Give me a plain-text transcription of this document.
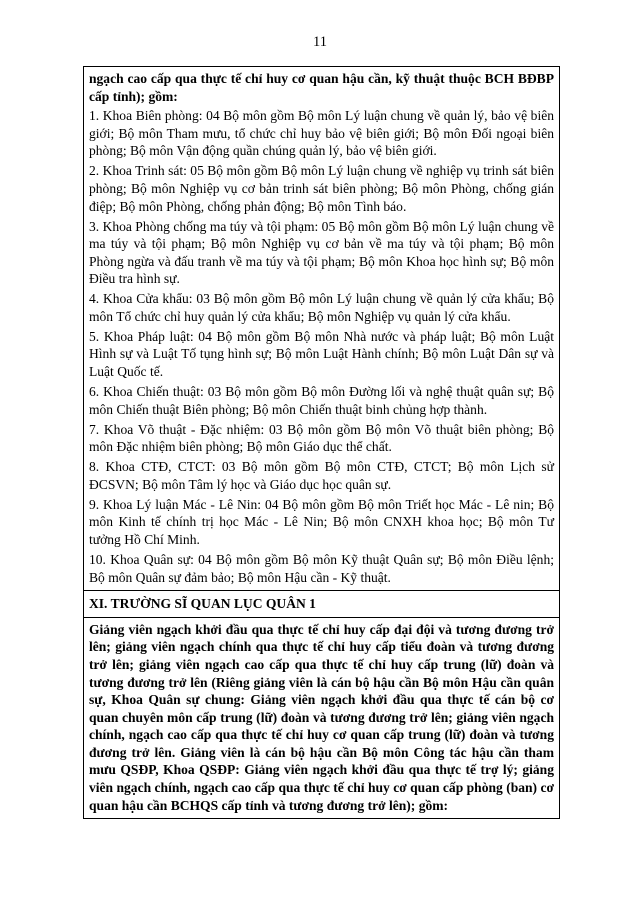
11

ngạch cao cấp qua thực tế chỉ huy cơ quan hậu cần, kỹ thuật thuộc BCH BĐBP cấp tỉnh); gồm:

1. Khoa Biên phòng: 04 Bộ môn gồm Bộ môn Lý luận chung về quản lý, bảo vệ biên giới; Bộ môn Tham mưu, tổ chức chỉ huy bảo vệ biên giới; Bộ môn Đối ngoại biên phòng; Bộ môn Vận động quần chúng quản lý, bảo vệ biên giới.

2. Khoa Trinh sát: 05 Bộ môn gồm Bộ môn Lý luận chung về nghiệp vụ trinh sát biên phòng; Bộ môn Nghiệp vụ cơ bản trinh sát biên phòng; Bộ môn Phòng, chống gián điệp; Bộ môn Phòng, chống phản động; Bộ môn Tình báo.

3. Khoa Phòng chống ma túy và tội phạm: 05 Bộ môn gồm Bộ môn Lý luận chung về ma túy và tội phạm; Bộ môn Nghiệp vụ cơ bản về ma túy và tội phạm; Bộ môn Phòng ngừa và đấu tranh về ma túy và tội phạm; Bộ môn Khoa học hình sự; Bộ môn Điều tra hình sự.

4. Khoa Cửa khẩu: 03 Bộ môn gồm Bộ môn Lý luận chung về quản lý cửa khẩu; Bộ môn Tổ chức chỉ huy quản lý cửa khẩu; Bộ môn Nghiệp vụ quản lý cửa khẩu.

5. Khoa Pháp luật: 04 Bộ môn gồm Bộ môn Nhà nước và pháp luật; Bộ môn Luật Hình sự và Luật Tố tụng hình sự; Bộ môn Luật Hành chính; Bộ môn Luật Dân sự và Luật Quốc tế.

6. Khoa Chiến thuật: 03 Bộ môn gồm Bộ môn Đường lối và nghệ thuật quân sự; Bộ môn Chiến thuật Biên phòng; Bộ môn Chiến thuật binh chủng hợp thành.

7. Khoa Võ thuật - Đặc nhiệm: 03 Bộ môn gồm Bộ môn Võ thuật biên phòng; Bộ môn Đặc nhiệm biên phòng; Bộ môn Giáo dục thể chất.

8. Khoa CTĐ, CTCT: 03 Bộ môn gồm Bộ môn CTĐ, CTCT; Bộ môn Lịch sử ĐCSVN; Bộ môn Tâm lý học và Giáo dục học quân sự.

9. Khoa Lý luận Mác - Lê Nin: 04 Bộ môn gồm Bộ môn Triết học Mác - Lê nin; Bộ môn Kinh tế chính trị học Mác - Lê Nin; Bộ môn CNXH khoa học; Bộ môn Tư tưởng Hồ Chí Minh.

10. Khoa Quân sự: 04 Bộ môn gồm Bộ môn Kỹ thuật Quân sự; Bộ môn Điều lệnh; Bộ môn Quân sự đảm bảo; Bộ môn Hậu cần - Kỹ thuật.

XI. TRƯỜNG SĨ QUAN LỤC QUÂN 1
Giảng viên ngạch khởi đầu qua thực tế chỉ huy cấp đại đội và tương đương trở lên; giảng viên ngạch chính qua thực tế chỉ huy cấp tiểu đoàn và tương đương trở lên; giảng viên ngạch cao cấp qua thực tế chỉ huy cấp trung (lữ) đoàn và tương đương trở lên (Riêng giảng viên là cán bộ hậu cần Bộ môn Hậu cần quân sự, Khoa Quân sự chung: Giảng viên ngạch khởi đầu qua thực tế cán bộ cơ quan chuyên môn cấp trung (lữ) đoàn và tương đương trở lên; giảng viên ngạch chính, ngạch cao cấp qua thực tế chỉ huy cơ quan cấp trung (lữ) đoàn và tương đương trở lên. Giảng viên là cán bộ hậu cần Bộ môn Công tác hậu cần tham mưu QSĐP, Khoa QSĐP: Giảng viên ngạch khởi đầu qua thực tế trợ lý; giảng viên ngạch chính, ngạch cao cấp qua thực tế chỉ huy cơ quan cấp phòng (ban) cơ quan hậu cần BCHQS cấp tỉnh và tương đương trở lên); gồm:
